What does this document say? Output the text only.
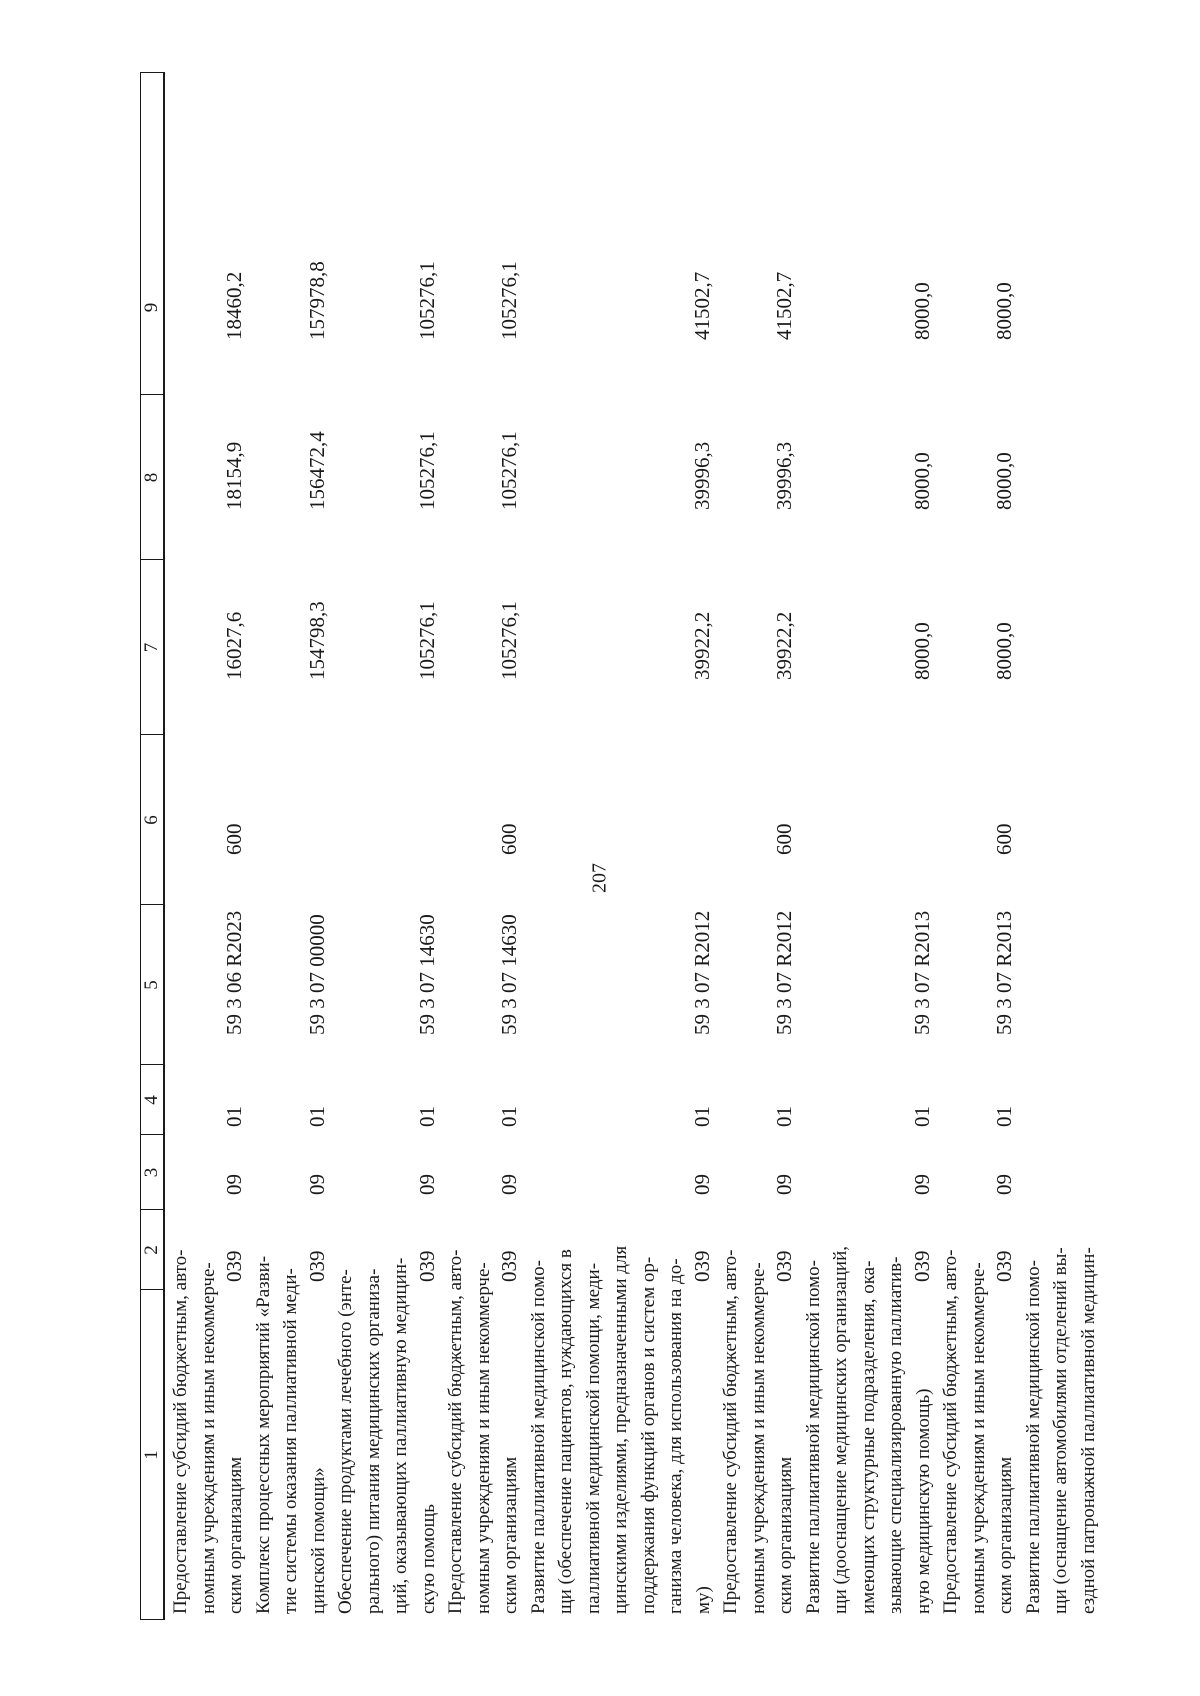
207
1
2
3
4
5
6
7
8
9
Предоставление субсидий бюджетным, авто- номным учреждениям и иным некоммерче- ским организациям
039
09
01
59 3 06 R2023
600
16027,6
18154,9
18460,2
Комплекс процессных мероприятий «Разви- тие системы оказания паллиативной меди- цинской помощи»
039
09
01
59 3 07 00000
154798,3
156472,4
157978,8
Обеспечение продуктами лечебного (энте- рального) питания медицинских организа- ций, оказывающих паллиативную медицин- скую помощь
039
09
01
59 3 07 14630
105276,1
105276,1
105276,1
Предоставление субсидий бюджетным, авто- номным учреждениям и иным некоммерче- ским организациям
039
09
01
59 3 07 14630
600
105276,1
105276,1
105276,1
Развитие паллиативной медицинской помо- щи (обеспечение пациентов, нуждающихся в паллиативной медицинской помощи, меди- цинскими изделиями, предназначенными для поддержания функций органов и систем ор- ганизма человека, для использования на до- му)
039
09
01
59 3 07 R2012
39922,2
39996,3
41502,7
Предоставление субсидий бюджетным, авто- номным учреждениям и иным некоммерче- ским организациям
039
09
01
59 3 07 R2012
600
39922,2
39996,3
41502,7
Развитие паллиативной медицинской помо- щи (дооснащение медицинских организаций, имеющих структурные подразделения, ока- зывающие специализированную паллиатив- ную медицинскую помощь)
039
09
01
59 3 07 R2013
8000,0
8000,0
8000,0
Предоставление субсидий бюджетным, авто- номным учреждениям и иным некоммерче- ским организациям
039
09
01
59 3 07 R2013
600
8000,0
8000,0
8000,0
Развитие паллиативной медицинской помо- щи (оснащение автомобилями отделений вы- ездной патронажной паллиативной медицин-
